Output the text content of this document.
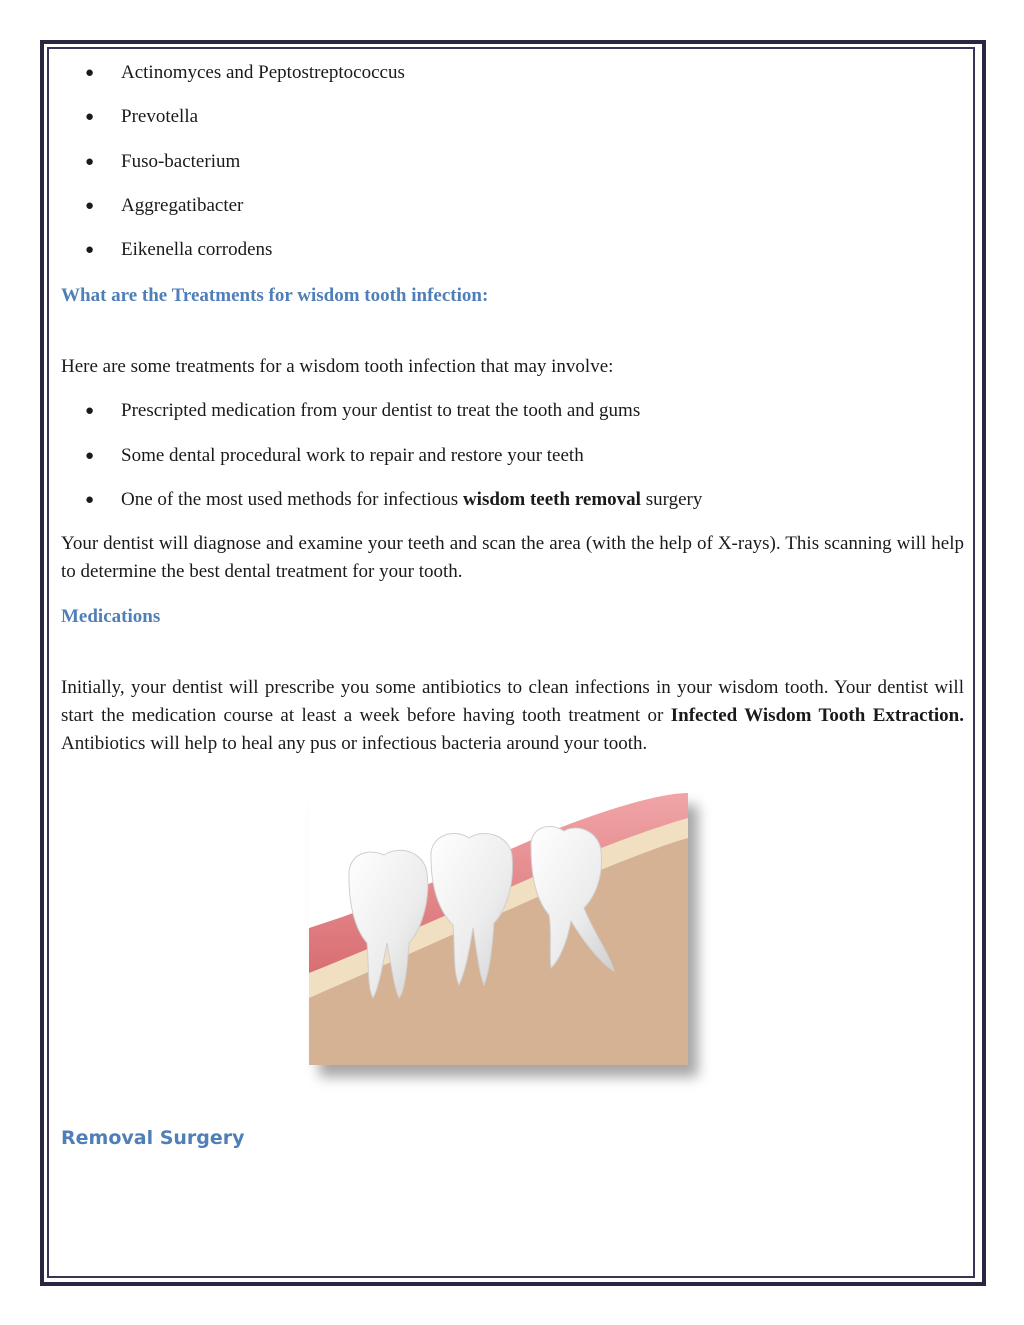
● Actinomyces and Peptostreptococcus
● Prevotella
● Fuso-bacterium
● Aggregatibacter
● Eikenella corrodens
What are the Treatments for wisdom tooth infection:
Here are some treatments for a wisdom tooth infection that may involve:
● Prescripted medication from your dentist to treat the tooth and gums
● Some dental procedural work to repair and restore your teeth
● One of the most used methods for infectious wisdom teeth removal surgery
Your dentist will diagnose and examine your teeth and scan the area (with the help of X-rays). This scanning will help to determine the best dental treatment for your tooth.
Medications
Initially, your dentist will prescribe you some antibiotics to clean infections in your wisdom tooth. Your dentist will start the medication course at least a week before having tooth treatment or Infected Wisdom Tooth Extraction. Antibiotics will help to heal any pus or infectious bacteria around your tooth.
Removal Surgery
